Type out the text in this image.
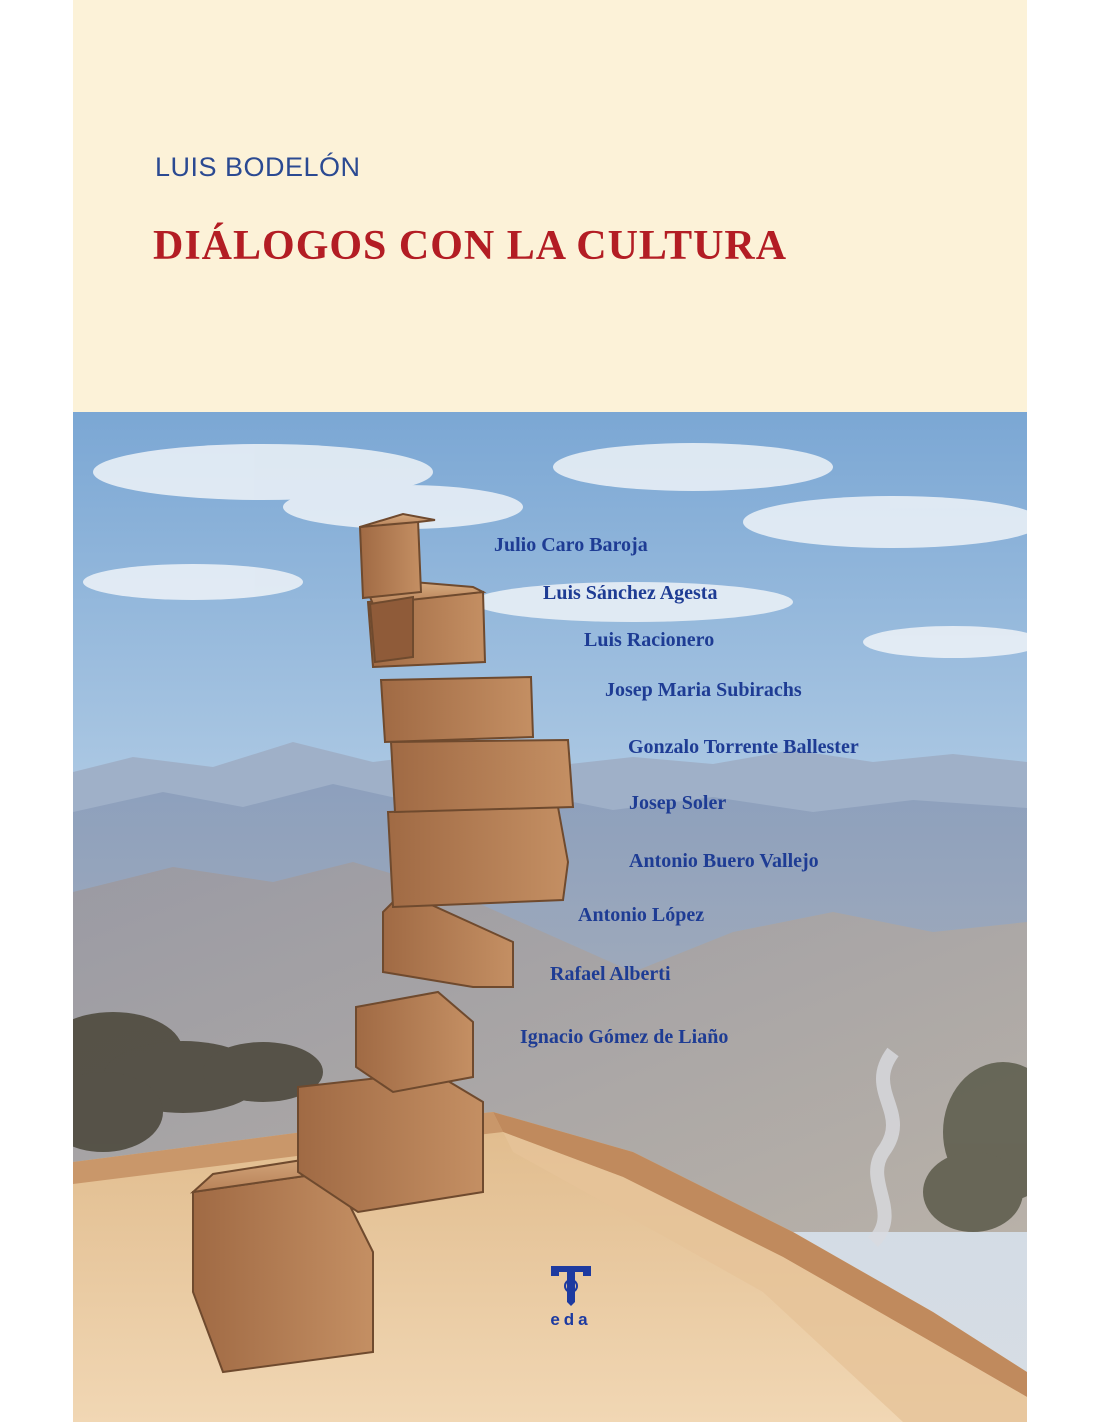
LUIS BODELÓN
DIÁLOGOS CON LA CULTURA
Julio Caro Baroja
Luis Sánchez Agesta
Luis Racionero
Josep Maria Subirachs
Gonzalo Torrente Ballester
Josep Soler
Antonio Buero Vallejo
Antonio López
Rafael Alberti
Ignacio Gómez de Liaño
eda
